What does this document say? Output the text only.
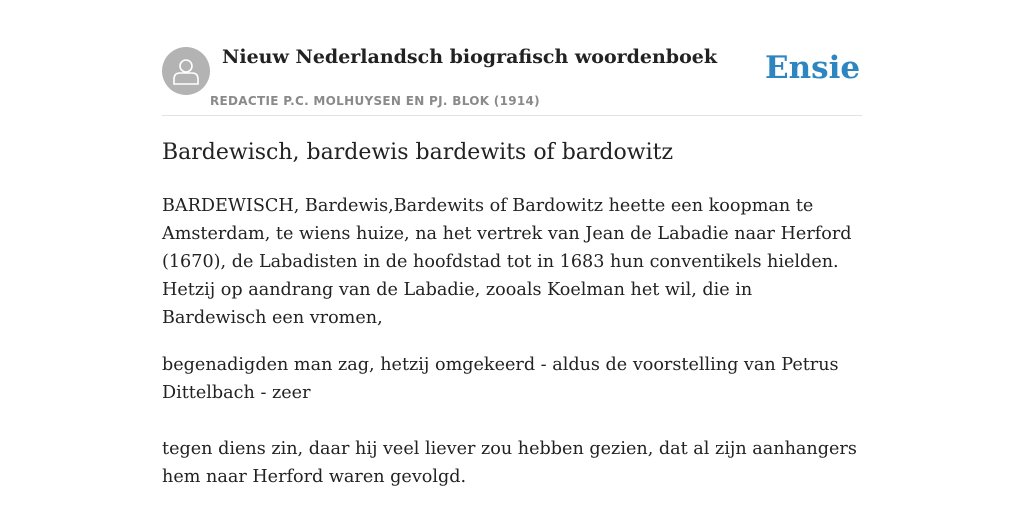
Nieuw Nederlandsch biografisch woordenboek
REDACTIE P.C. MOLHUYSEN EN PJ. BLOK (1914)
Ensie
Bardewisch, bardewis bardewits of bardowitz

BARDEWISCH, Bardewis,Bardewits of Bardowitz heette een koopman te Amsterdam, te wiens huize, na het vertrek van Jean de Labadie naar Herford (1670), de Labadisten in de hoofdstad tot in 1683 hun conventikels hielden. Hetzij op aandrang van de Labadie, zooals Koelman het wil, die in Bardewisch een vromen,

begenadigden man zag, hetzij omgekeerd - aldus de voorstelling van Petrus Dittelbach - zeer

tegen diens zin, daar hij veel liever zou hebben gezien, dat al zijn aanhangers hem naar Herford waren gevolgd.
